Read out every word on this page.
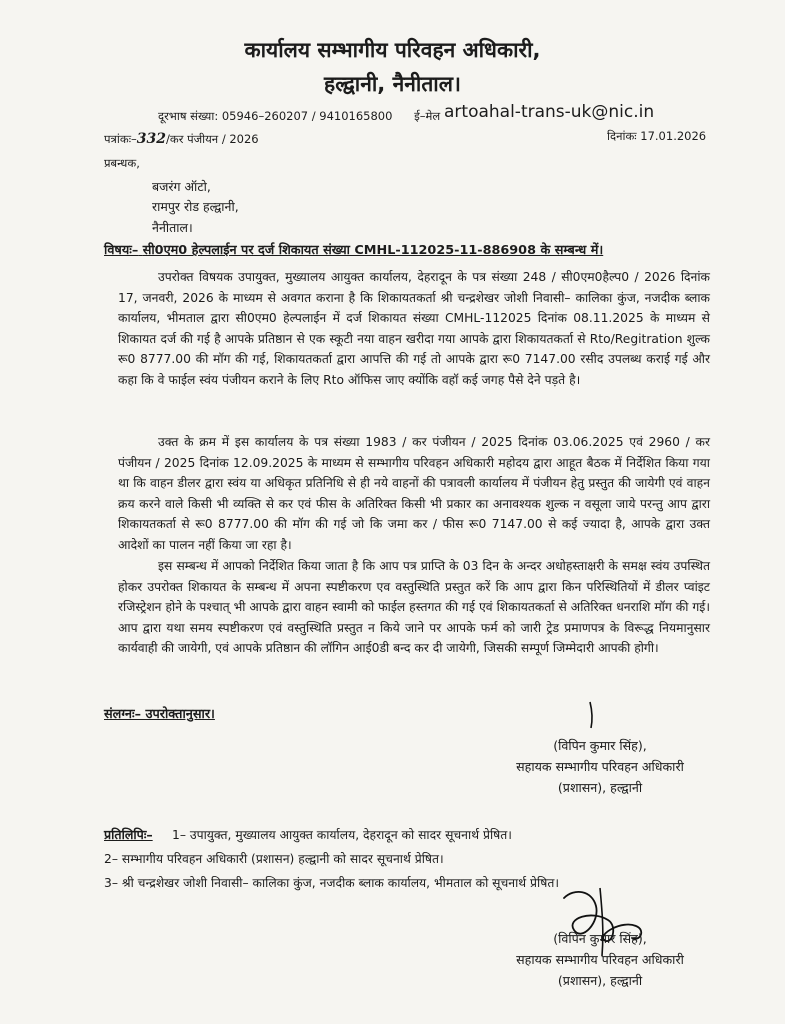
कार्यालय सम्भागीय परिवहन अधिकारी,
हल्द्वानी, नैनीताल।
दूरभाष संख्या: 05946–260207 / 9410165800 ई–मेल artoahal-trans-uk@nic.in
पत्रांकः–332/कर पंजीयन / 2026	दिनांकः 17.01.2026
प्रबन्धक,
बजरंग ऑटो,
रामपुर रोड हल्द्वानी,
नैनीताल।
विषयः– सी0एम0 हेल्पलाईन पर दर्ज शिकायत संख्या CMHL-112025-11-886908 के सम्बन्ध में।
उपरोक्त विषयक उपायुक्त, मुख्यालय आयुक्त कार्यालय, देहरादून के पत्र संख्या 248 / सी0एम0हैल्प0 / 2026 दिनांक 17, जनवरी, 2026 के माध्यम से अवगत कराना है कि शिकायतकर्ता श्री चन्द्रशेखर जोशी निवासी– कालिका कुंज, नजदीक ब्लाक कार्यालय, भीमताल द्वारा सी0एम0 हेल्पलाईन में दर्ज शिकायत संख्या CMHL-112025 दिनांक 08.11.2025 के माध्यम से शिकायत दर्ज की गई है आपके प्रतिष्ठान से एक स्कूटी नया वाहन खरीदा गया आपके द्वारा शिकायतकर्ता से Rto/Regitration शुल्क रू0 8777.00 की मॉग की गई, शिकायतकर्ता द्वारा आपत्ति की गई तो आपके द्वारा रू0 7147.00 रसीद उपलब्ध कराई गई और कहा कि वे फाईल स्वंय पंजीयन कराने के लिए Rto ऑफिस जाए क्योंकि वहॉ कई जगह पैसे देने पड़ते है।
उक्त के क्रम में इस कार्यालय के पत्र संख्या 1983 / कर पंजीयन / 2025 दिनांक 03.06.2025 एवं 2960 / कर पंजीयन / 2025 दिनांक 12.09.2025 के माध्यम से सम्भागीय परिवहन अधिकारी महोदय द्वारा आहूत बैठक में निर्देशित किया गया था कि वाहन डीलर द्वारा स्वंय या अधिकृत प्रतिनिधि से ही नये वाहनों की पत्रावली कार्यालय में पंजीयन हेतु प्रस्तुत की जायेगी एवं वाहन क्रय करने वाले किसी भी व्यक्ति से कर एवं फीस के अतिरिक्त किसी भी प्रकार का अनावश्यक शुल्क न वसूला जाये परन्तु आप द्वारा शिकायतकर्ता से रू0 8777.00 की मॉग की गई जो कि जमा कर / फीस रू0 7147.00 से कई ज्यादा है, आपके द्वारा उक्त आदेशों का पालन नहीं किया जा रहा है।
इस सम्बन्ध में आपको निर्देशित किया जाता है कि आप पत्र प्राप्ति के 03 दिन के अन्दर अधोहस्ताक्षरी के समक्ष स्वंय उपस्थित होकर उपरोक्त शिकायत के सम्बन्ध में अपना स्पष्टीकरण एव वस्तुस्थिति प्रस्तुत करें कि आप द्वारा किन परिस्थितियों में डीलर प्वांइट रजिस्ट्रेशन होने के पश्चात् भी आपके द्वारा वाहन स्वामी को फाईल हस्तगत की गई एवं शिकायतकर्ता से अतिरिक्त धनराशि मॉग की गई। आप द्वारा यथा समय स्पष्टीकरण एवं वस्तुस्थिति प्रस्तुत न किये जाने पर आपके फर्म को जारी ट्रेड प्रमाणपत्र के विरूद्ध नियमानुसार कार्यवाही की जायेगी, एवं आपके प्रतिष्ठान की लॉगिन आई0डी बन्द कर दी जायेगी, जिसकी सम्पूर्ण जिम्मेदारी आपकी होगी।
संलग्नः– उपरोक्तानुसार।
(विपिन कुमार सिंह),
सहायक सम्भागीय परिवहन अधिकारी
(प्रशासन), हल्द्वानी
प्रतिलिपिः– 1– उपायुक्त, मुख्यालय आयुक्त कार्यालय, देहरादून को सादर सूचनार्थ प्रेषित।
2– सम्भागीय परिवहन अधिकारी (प्रशासन) हल्द्वानी को सादर सूचनार्थ प्रेषित।
3– श्री चन्द्रशेखर जोशी निवासी– कालिका कुंज, नजदीक ब्लाक कार्यालय, भीमताल को सूचनार्थ प्रेषित।
(विपिन कुमार सिंह),
सहायक सम्भागीय परिवहन अधिकारी
(प्रशासन), हल्द्वानी
